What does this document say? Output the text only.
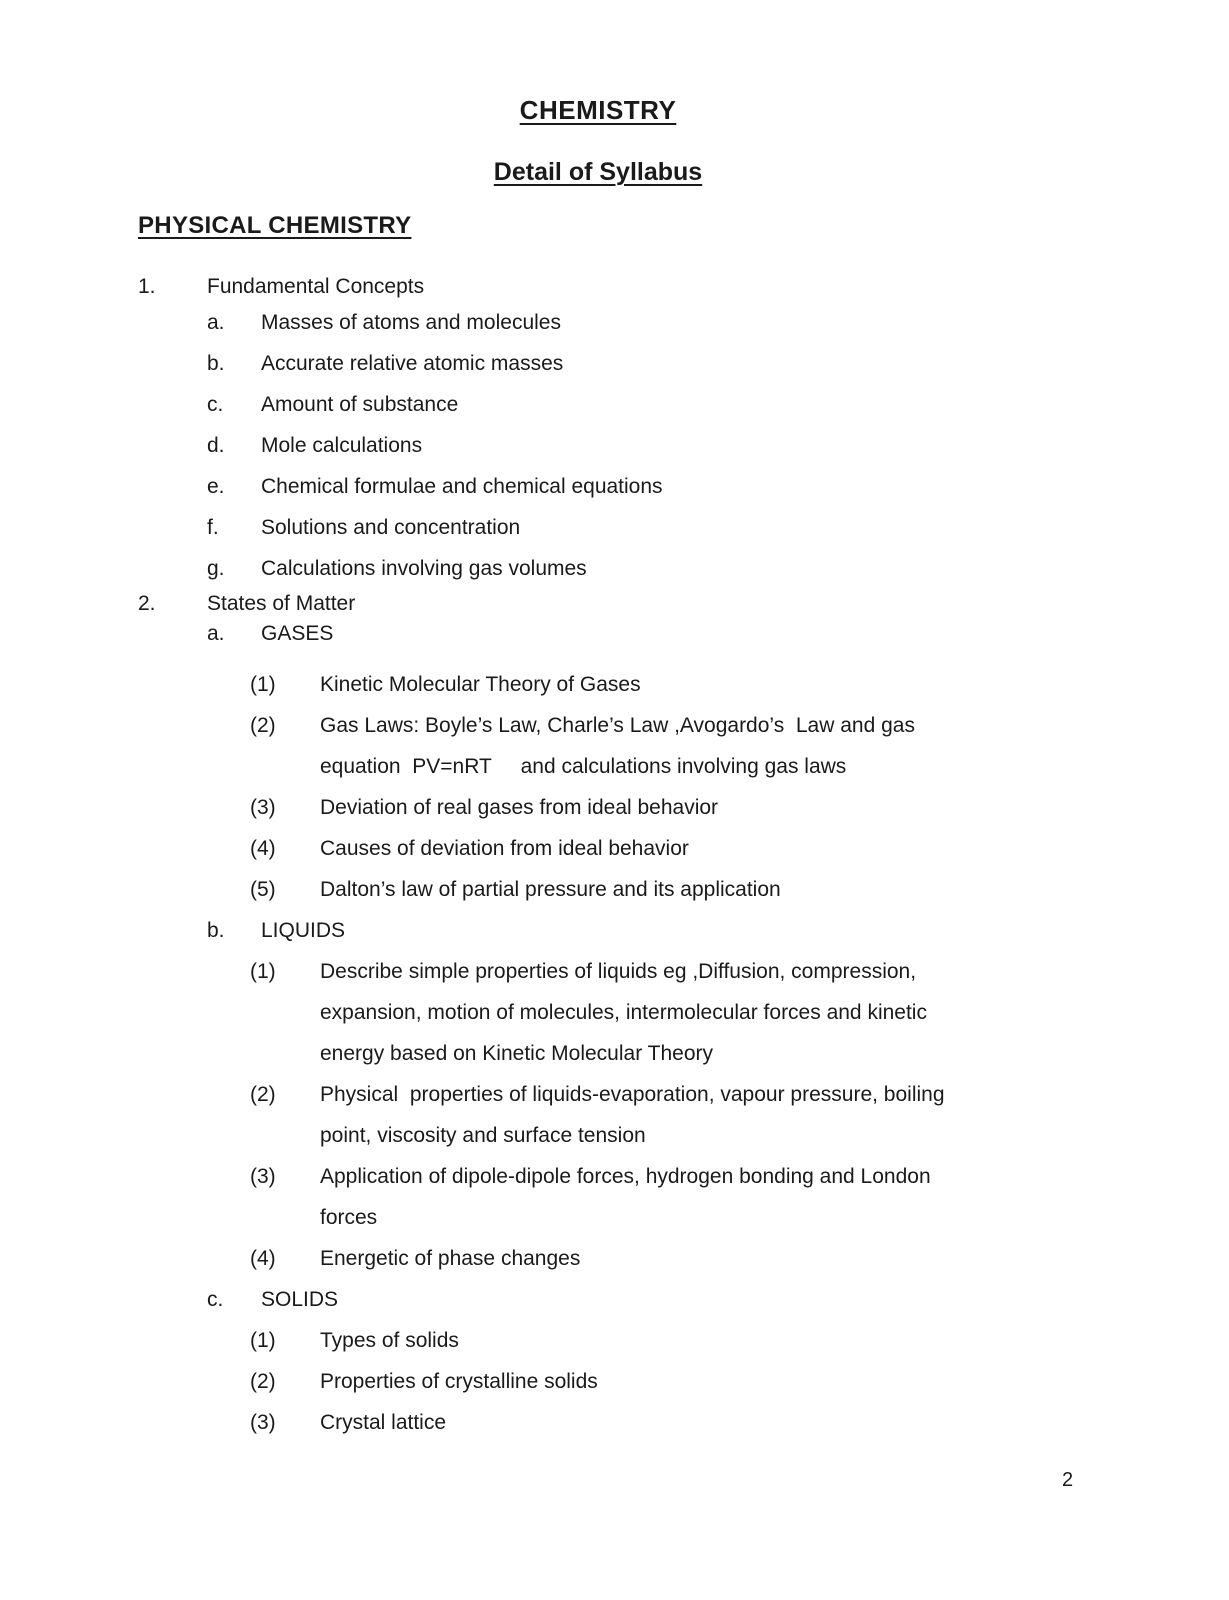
CHEMISTRY
Detail of Syllabus
PHYSICAL CHEMISTRY
1.	Fundamental Concepts
a.	Masses of atoms and molecules
b.	Accurate relative atomic masses
c.	Amount of substance
d.	Mole calculations
e.	Chemical formulae and chemical equations
f.	Solutions and concentration
g.	Calculations involving gas volumes
2.	States of Matter
a.	GASES
(1)	Kinetic Molecular Theory of Gases
(2)	Gas Laws: Boyle’s Law, Charle’s Law ,Avogardo’s  Law and gas
equation  PV=nRT     and calculations involving gas laws
(3)	Deviation of real gases from ideal behavior
(4)	Causes of deviation from ideal behavior
(5)	Dalton’s law of partial pressure and its application
b.	LIQUIDS
(1)	Describe simple properties of liquids eg ,Diffusion, compression,
expansion, motion of molecules, intermolecular forces and kinetic
energy based on Kinetic Molecular Theory
(2)	Physical  properties of liquids-evaporation, vapour pressure, boiling
point, viscosity and surface tension
(3)	Application of dipole-dipole forces, hydrogen bonding and London
forces
(4)	Energetic of phase changes
c.	SOLIDS
(1)	Types of solids
(2)	Properties of crystalline solids
(3)	Crystal lattice
2
